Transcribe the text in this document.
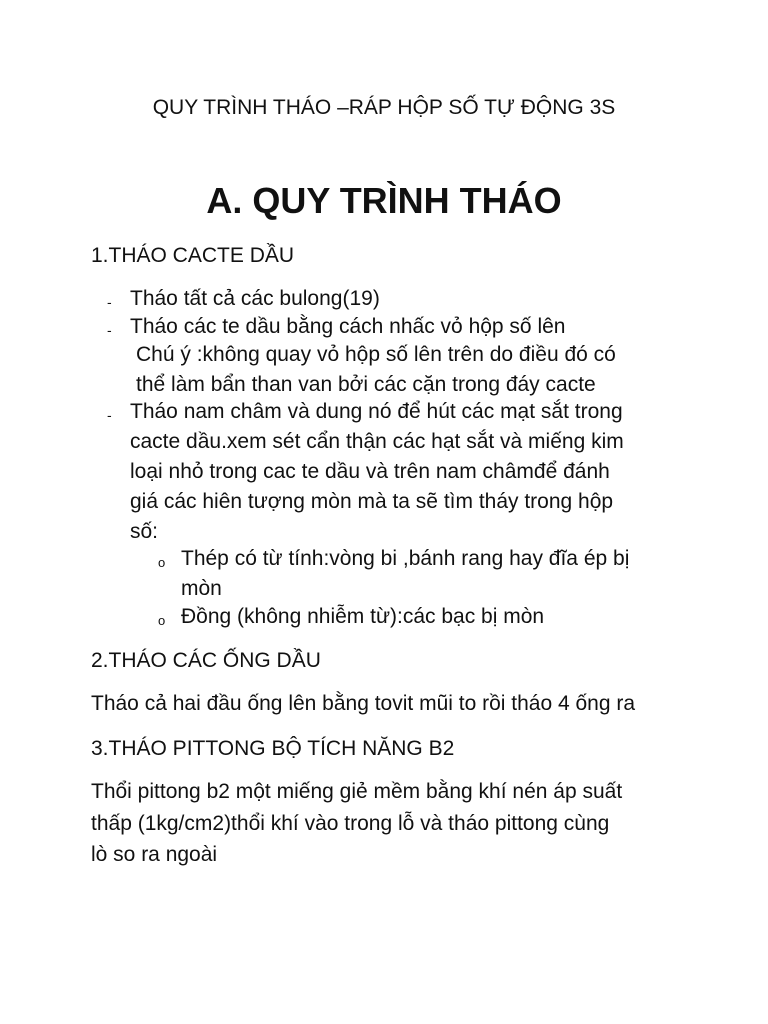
QUY TRÌNH THÁO –RÁP HỘP SỐ TỰ ĐỘNG 3S
A. QUY TRÌNH THÁO
1.THÁO CACTE DẦU
- Tháo tất cả các bulong(19)
- Tháo các te dầu bằng cách nhấc vỏ hộp số lên
Chú ý :không quay vỏ hộp số lên trên do điều đó có
thể làm bẩn than van bởi các cặn trong đáy cacte
- Tháo nam châm và dung nó để hút các mạt sắt trong
cacte dầu.xem sét cẩn thận các hạt sắt và miếng kim
loại nhỏ trong cac te dầu và trên nam châmđể đánh
giá các hiên tượng mòn mà ta sẽ tìm tháy trong hộp
số:
o Thép có từ tính:vòng bi ,bánh rang hay đĩa ép bị
mòn
o Đồng (không nhiễm từ):các bạc bị mòn
2.THÁO CÁC ỐNG DẦU
Tháo cả hai đầu ống lên bằng tovit mũi to rồi tháo 4 ống ra
3.THÁO PITTONG BỘ TÍCH NĂNG B2
Thổi pittong b2 một miếng giẻ mềm bằng khí nén áp suất
thấp (1kg/cm2)thổi khí vào trong lỗ và tháo pittong cùng
lò so ra ngoài
